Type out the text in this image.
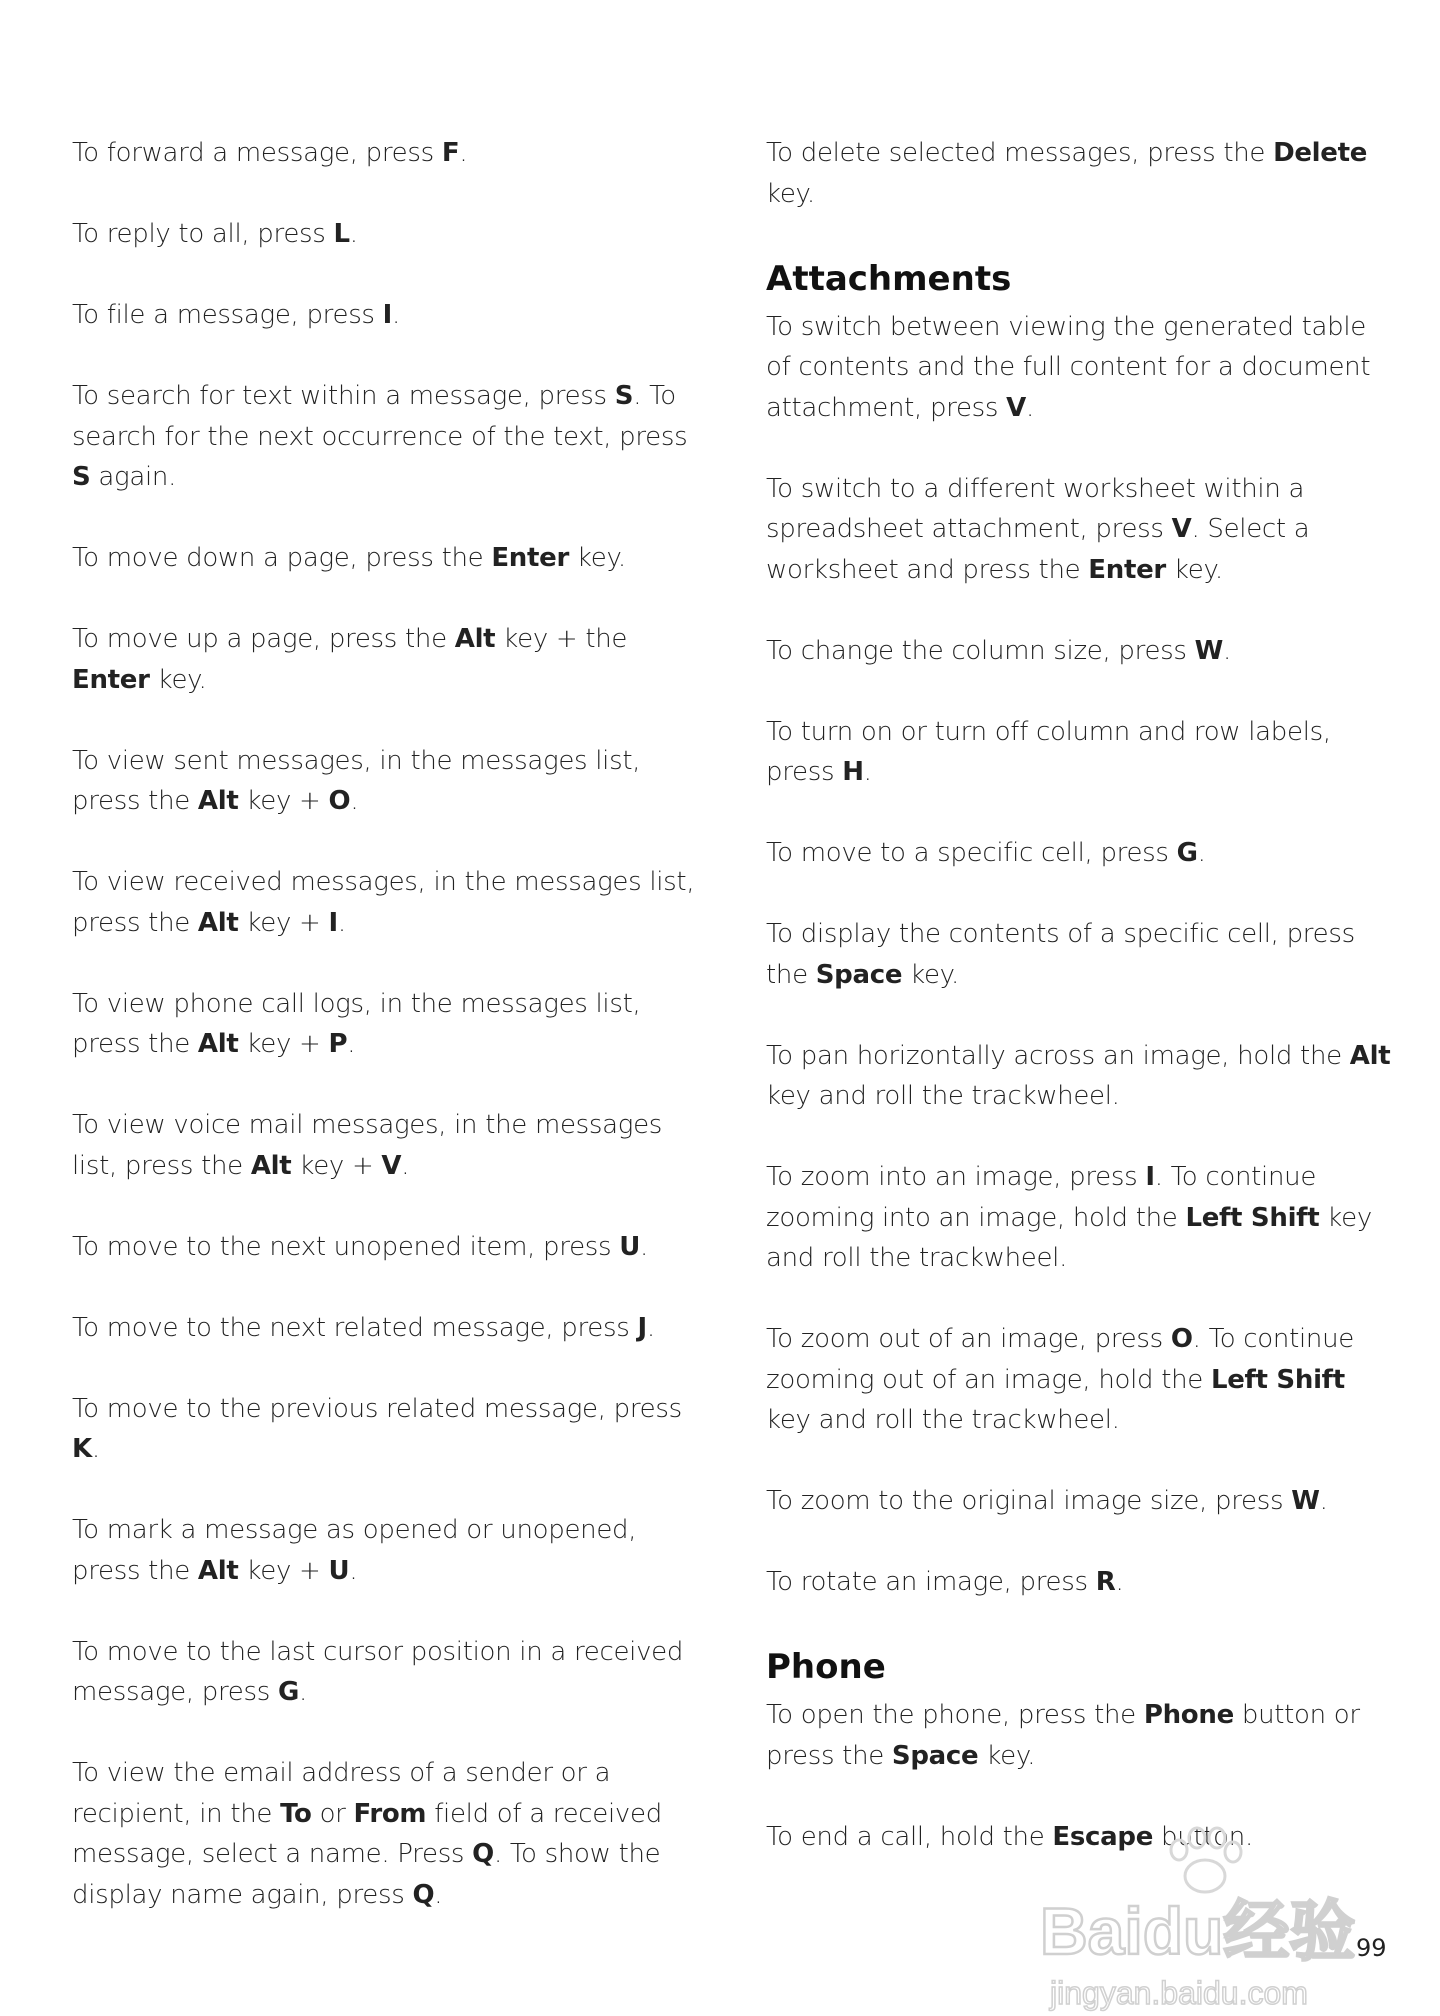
To forward a message, press F.

To reply to all, press L.

To file a message, press I.

To search for text within a message, press S. To search for the next occurrence of the text, press S again.

To move down a page, press the Enter key.

To move up a page, press the Alt key + the Enter key.

To view sent messages, in the messages list, press the Alt key + O.

To view received messages, in the messages list, press the Alt key + I.

To view phone call logs, in the messages list, press the Alt key + P.

To view voice mail messages, in the messages list, press the Alt key + V.

To move to the next unopened item, press U.

To move to the next related message, press J.

To move to the previous related message, press K.

To mark a message as opened or unopened, press the Alt key + U.

To move to the last cursor position in a received message, press G.

To view the email address of a sender or a recipient, in the To or From field of a received message, select a name. Press Q. To show the display name again, press Q.

To delete selected messages, press the Delete key.

Attachments

To switch between viewing the generated table of contents and the full content for a document attachment, press V.

To switch to a different worksheet within a spreadsheet attachment, press V. Select a worksheet and press the Enter key.

To change the column size, press W.

To turn on or turn off column and row labels, press H.

To move to a specific cell, press G.

To display the contents of a specific cell, press the Space key.

To pan horizontally across an image, hold the Alt key and roll the trackwheel.

To zoom into an image, press I. To continue zooming into an image, hold the Left Shift key and roll the trackwheel.

To zoom out of an image, press O. To continue zooming out of an image, hold the Left Shift key and roll the trackwheel.

To zoom to the original image size, press W.

To rotate an image, press R.

Phone

To open the phone, press the Phone button or press the Space key.

To end a call, hold the Escape button.

Baidu经验
jingyan.baidu.com
99
